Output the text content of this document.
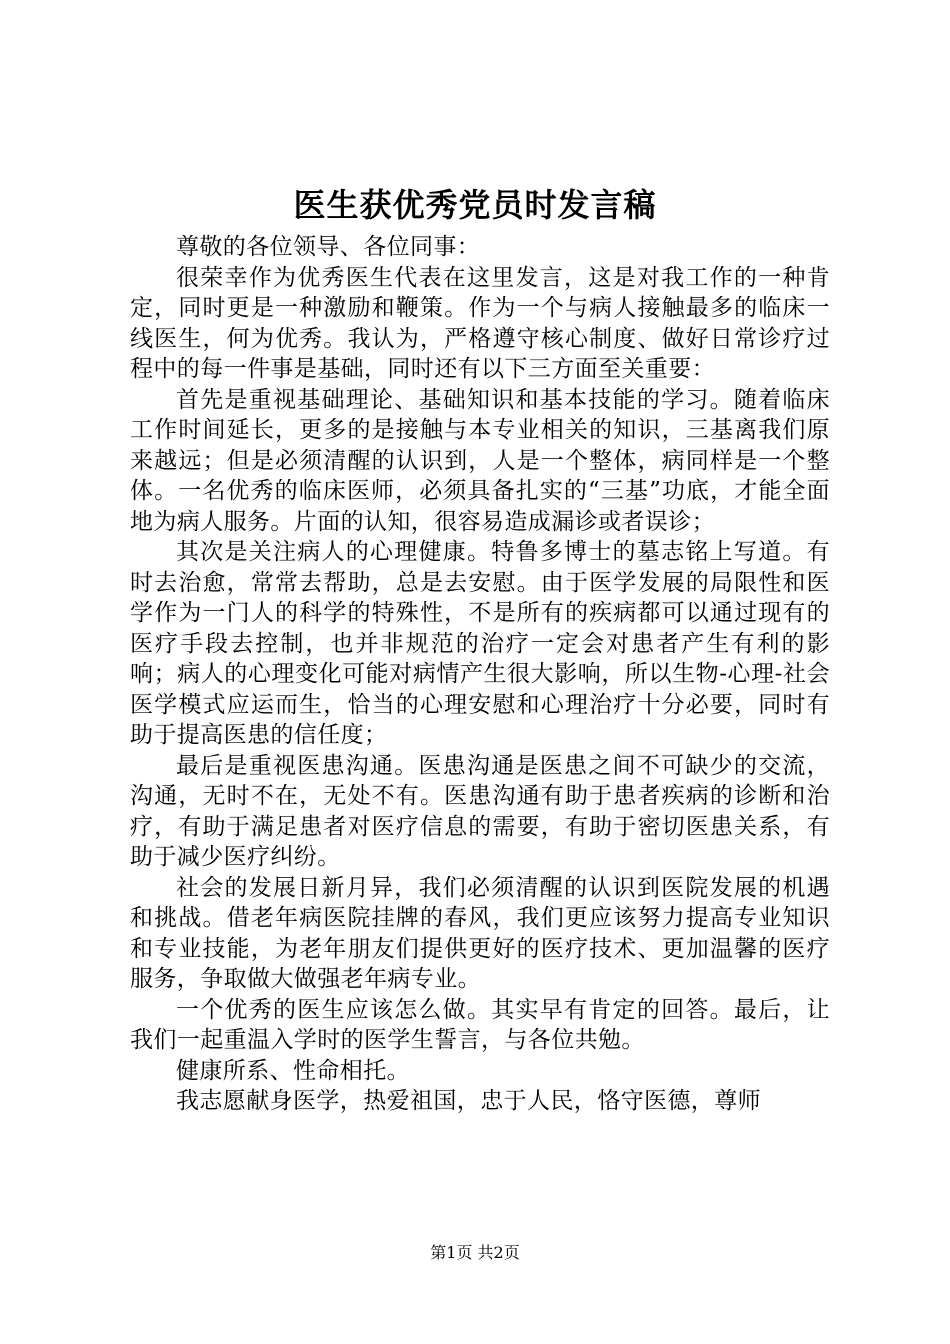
医生获优秀党员时发言稿

尊敬的各位领导、各位同事：

很荣幸作为优秀医生代表在这里发言，这是对我工作的一种肯定，同时更是一种激励和鞭策。作为一个与病人接触最多的临床一线医生，何为优秀。我认为，严格遵守核心制度、做好日常诊疗过程中的每一件事是基础，同时还有以下三方面至关重要：

首先是重视基础理论、基础知识和基本技能的学习。随着临床工作时间延长，更多的是接触与本专业相关的知识，三基离我们原来越远；但是必须清醒的认识到，人是一个整体，病同样是一个整体。一名优秀的临床医师，必须具备扎实的“三基”功底，才能全面地为病人服务。片面的认知，很容易造成漏诊或者误诊；

其次是关注病人的心理健康。特鲁多博士的墓志铭上写道。有时去治愈，常常去帮助，总是去安慰。由于医学发展的局限性和医学作为一门人的科学的特殊性，不是所有的疾病都可以通过现有的医疗手段去控制，也并非规范的治疗一定会对患者产生有利的影响；病人的心理变化可能对病情产生很大影响，所以生物-心理-社会医学模式应运而生，恰当的心理安慰和心理治疗十分必要，同时有助于提高医患的信任度；

最后是重视医患沟通。医患沟通是医患之间不可缺少的交流，沟通，无时不在，无处不有。医患沟通有助于患者疾病的诊断和治疗，有助于满足患者对医疗信息的需要，有助于密切医患关系，有助于减少医疗纠纷。

社会的发展日新月异，我们必须清醒的认识到医院发展的机遇和挑战。借老年病医院挂牌的春风，我们更应该努力提高专业知识和专业技能，为老年朋友们提供更好的医疗技术、更加温馨的医疗服务，争取做大做强老年病专业。

一个优秀的医生应该怎么做。其实早有肯定的回答。最后，让我们一起重温入学时的医学生誓言，与各位共勉。

健康所系、性命相托。

我志愿献身医学，热爱祖国，忠于人民，恪守医德，尊师

第1页 共2页
